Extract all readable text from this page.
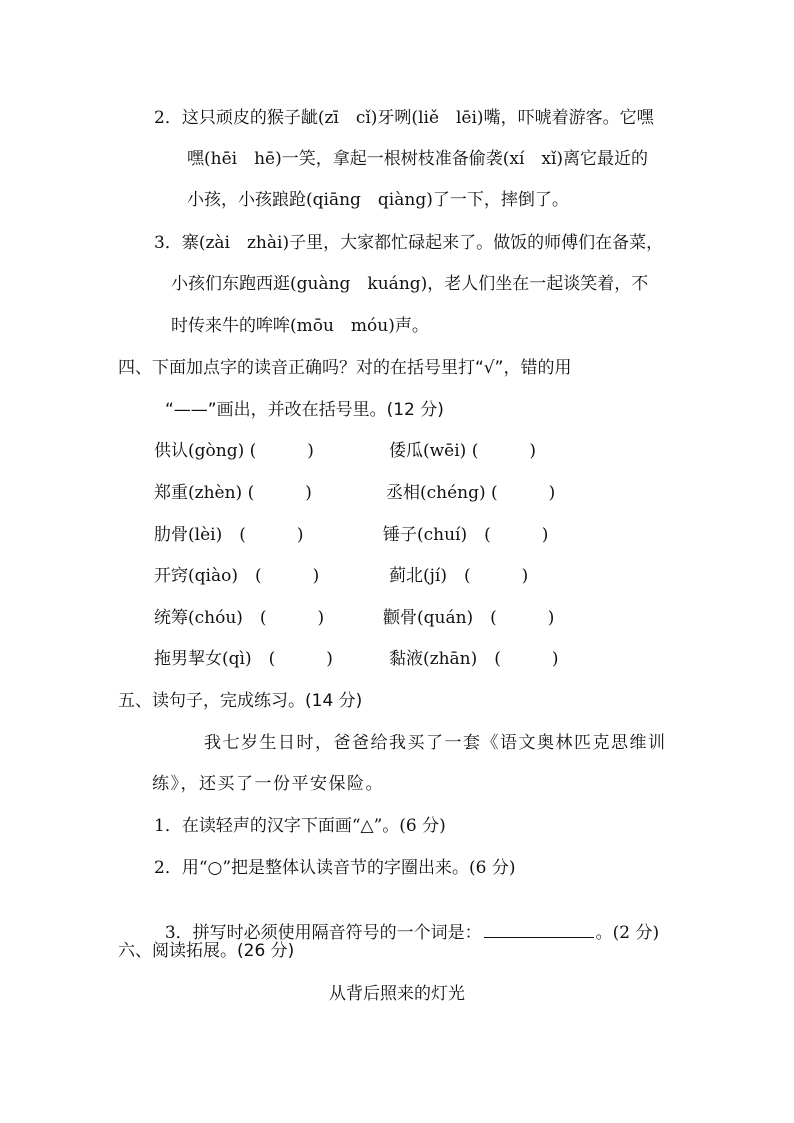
2．这只顽皮的猴子龇(zī　cǐ)牙咧(liě　lēi)嘴，吓唬着游客。它嘿
嘿(hēi　hē)一笑，拿起一根树枝准备偷袭(xí　xǐ)离它最近的
小孩，小孩踉跄(qiāng　qiàng)了一下，摔倒了。
3．寨(zài　zhài)子里，大家都忙碌起来了。做饭的师傅们在备菜，
小孩们东跑西逛(guàng　kuáng)，老人们坐在一起谈笑着，不
时传来牛的哞哞(mōu　móu)声。
四、下面加点字的读音正确吗？对的在括号里打“√”，错的用
“——”画出，并改在括号里。(12 分)
供认(gòng) (　　　)	倭瓜(wēi) (　　　)
郑重(zhèn) (　　　)	丞相(chéng) (　　　)
肋骨(lèi)　(　　　)	锤子(chuí)　(　　　)
开窍(qiào)　(　　　)	蓟北(jí)　(　　　)
统筹(chóu)　(　　　)	颧骨(quán)　(　　　)
拖男挈女(qì)　(　　　)	黏液(zhān)　(　　　)
五、读句子，完成练习。(14 分)
我七岁生日时，爸爸给我买了一套《语文奥林匹克思维训
练》，还买了一份平安保险。
1．在读轻声的汉字下面画“△”。(6 分)
2．用“○”把是整体认读音节的字圈出来。(6 分)

3．拼写时必须使用隔音符号的一个词是：	。(2 分)

六、阅读拓展。(26 分)
从背后照来的灯光
